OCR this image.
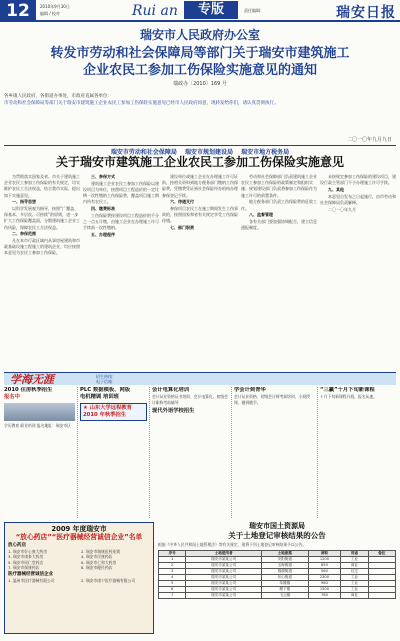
12	2010年9月30日
编辑 / 校对	Rui an	专版	责任编辑：	瑞安日报
瑞安市人民政府办公室
转发市劳动和社会保障局等部门关于瑞安市建筑施工
企业农民工参加工伤保险实施意见的通知
瑞政办〔2010〕169 号
各乡镇人民政府，各街道办事处，市政府直属各单位：
市劳动和社会保障局等部门关于瑞安市建筑施工企业农民工参加工伤保险实施意见已经市人民政府同意，现转发给你们，请认真贯彻执行。
二〇一〇年九月九日
瑞安市劳动和社会保障局 瑞安市规划建设局 瑞安市地方税务局
关于瑞安市建筑施工企业农民工参加工伤保险实施意见
为贯彻落实国家及省、市关于建筑施工企业农民工参加工伤保险的有关规定，切实维护农民工合法权益，结合我市实际，提出如下实施意见。
一、指导思想
以科学发展观为指导，按照“广覆盖、保基本、多层次、可持续”的原则，进一步扩大工伤保险覆盖面，分散建筑施工企业工伤风险，保障农民工合法权益。
二、参保范围
凡在本市行政区域内从事房屋建筑和市政基础设施工程施工的建筑企业，均应按照本意见为农民工参加工伤保险。
三、参保方式
建筑施工企业农民工参加工伤保险以建设项目为单位，按照项目工程造价的一定比例一次性缴纳工伤保险费，覆盖项目施工期内所有农民工。
四、缴费标准
工伤保险费按建设项目工程造价的千分之一点五计缴，由施工企业在办理施工许可手续前一次性缴纳。
五、办理程序
建设单位或施工企业在办理施工许可证前，持相关资料到地方税务部门缴纳工伤保险费，凭缴费凭证到社会保险经办机构办理参保登记手续。
六、待遇支付
参保项目农民工在施工期间发生工伤事故的，按照国家和省有关规定享受工伤保险待遇。
七、部门职责
劳动和社会保障部门负责建筑施工企业农民工参加工伤保险的政策制定和组织实施；规划建设部门负责将参加工伤保险作为施工许可的前置条件。
地方税务部门负责工伤保险费的征收工作。
八、监督管理
各有关部门要加强协调配合，建立信息通报制度。
未按规定参加工伤保险的建设项目，建设行政主管部门不予办理施工许可手续。
九、其他
本意见自发布之日起施行，由市劳动和社会保障局负责解释。
二〇一〇年九月
学海无涯	招生热线：
电子信箱：
2010 住房秋季招生
报名中
学历教育 职业培训 报名地址：瑞安市区
PLC 数据模板、网版
电机精调 培训班
★ 山东大学远程教育 2010 年秋季招生
会计电算化培训
会计从业资格证书培训、会计电算化、初级会计职称考前辅导
现代外语学校招生
学会计到青华
会计从业资格、初级会计师考前培训，小班授课，随到随学。
“三赢”十月下旬新课程
十月下旬新课程开班，报名从速。
2009 年度瑞安市
“放心药店”“医疗器械经营诚信企业”名单
放心药店
1. 瑞安市好心康大药房	2. 瑞安市瑞康医药连锁
3. 瑞安市康泰大药房	4. 瑞安市民康药店
5. 瑞安市同仁堂药店	6. 瑞安市仁和大药房
7. 瑞安市保康药店	8. 瑞安市健民药店
医疗器械经营诚信企业
1. 温州市医疗器械有限公司	2. 瑞安市康宁医疗器械有限公司
瑞安市国土资源局
关于土地登记审核结果的公告
根据《中华人民共和国土地管理法》等有关规定，现将下列土地登记审核结果予以公告。
序号	土地使用者	土地座落	面积	用途	备注
1	瑞安市某某公司	安阳街道	1200	工业	
2	瑞安市某某公司	玉海街道	850	商业	
3	瑞安市某某公司	锦湖街道	560	住宅	
4	瑞安市某某公司	东山街道	2300	工业	
5	瑞安市某某公司	莘塍镇	980	工业	
6	瑞安市某某公司	塘下镇	1500	工业	
7	瑞安市某某公司	飞云镇	760	商业	
